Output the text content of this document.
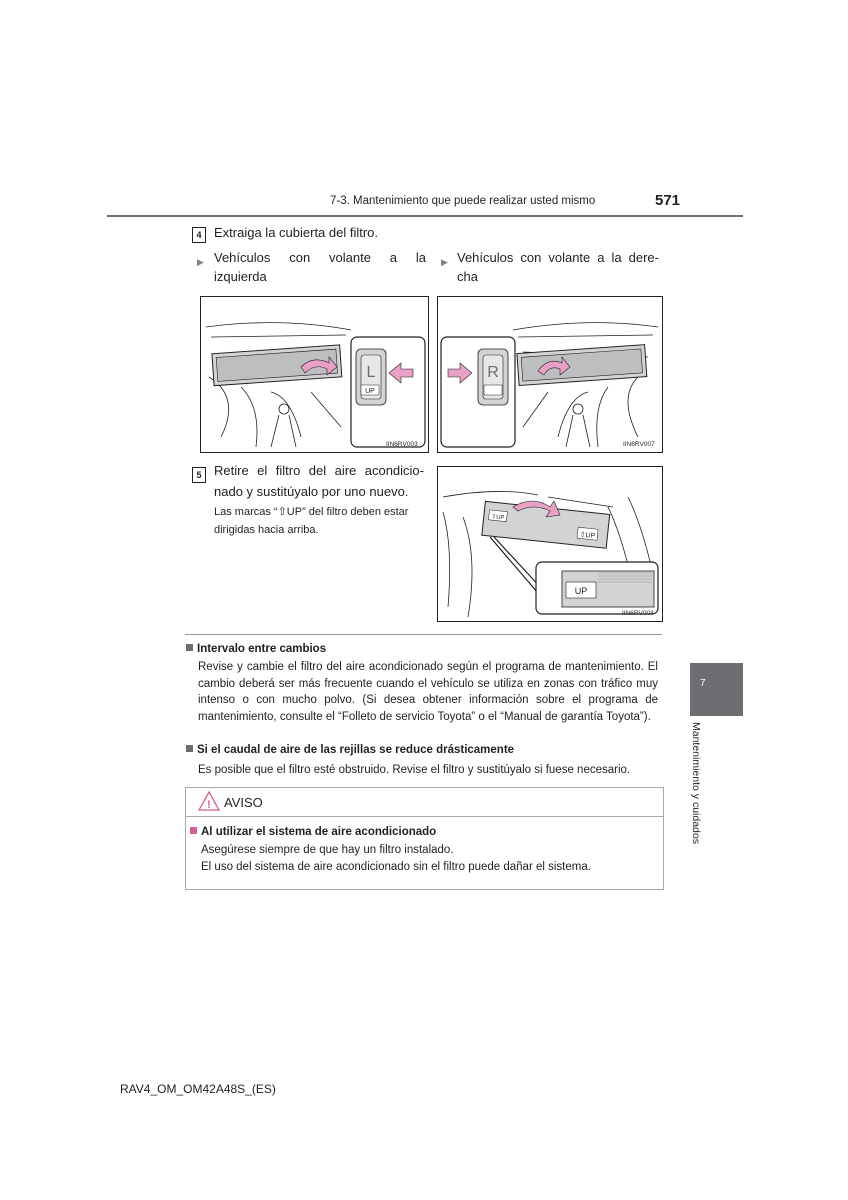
7-3. Mantenimiento que puede realizar usted mismo	571
4 Extraiga la cubierta del filtro.
▶ Vehículos con volante a la
izquierda
▶ Vehículos con volante a la dere-
cha
L
UP
IIN6RV003
R
IIN6RV007
5 Retire el filtro del aire acondicio-
nado y sustitúyalo por uno nuevo.
Las marcas “⇧UP” del filtro deben estar
dirigidas hacia arriba.
⇧UP
⇧UP
UP
IIN6RV004
Intervalo entre cambios
Revise y cambie el filtro del aire acondicionado según el programa de mantenimiento. El cambio deberá ser más frecuente cuando el vehículo se utiliza en zonas con tráfico muy intenso o con mucho polvo. (Si desea obtener información sobre el programa de mantenimiento, consulte el “Folleto de servicio Toyota” o el “Manual de garantía Toyota”).
Si el caudal de aire de las rejillas se reduce drásticamente
Es posible que el filtro esté obstruido. Revise el filtro y sustitúyalo si fuese necesario.
! AVISO
Al utilizar el sistema de aire acondicionado
Asegúrese siempre de que hay un filtro instalado.
El uso del sistema de aire acondicionado sin el filtro puede dañar el sistema.
7
Mantenimiento y cuidados
RAV4_OM_OM42A48S_(ES)
